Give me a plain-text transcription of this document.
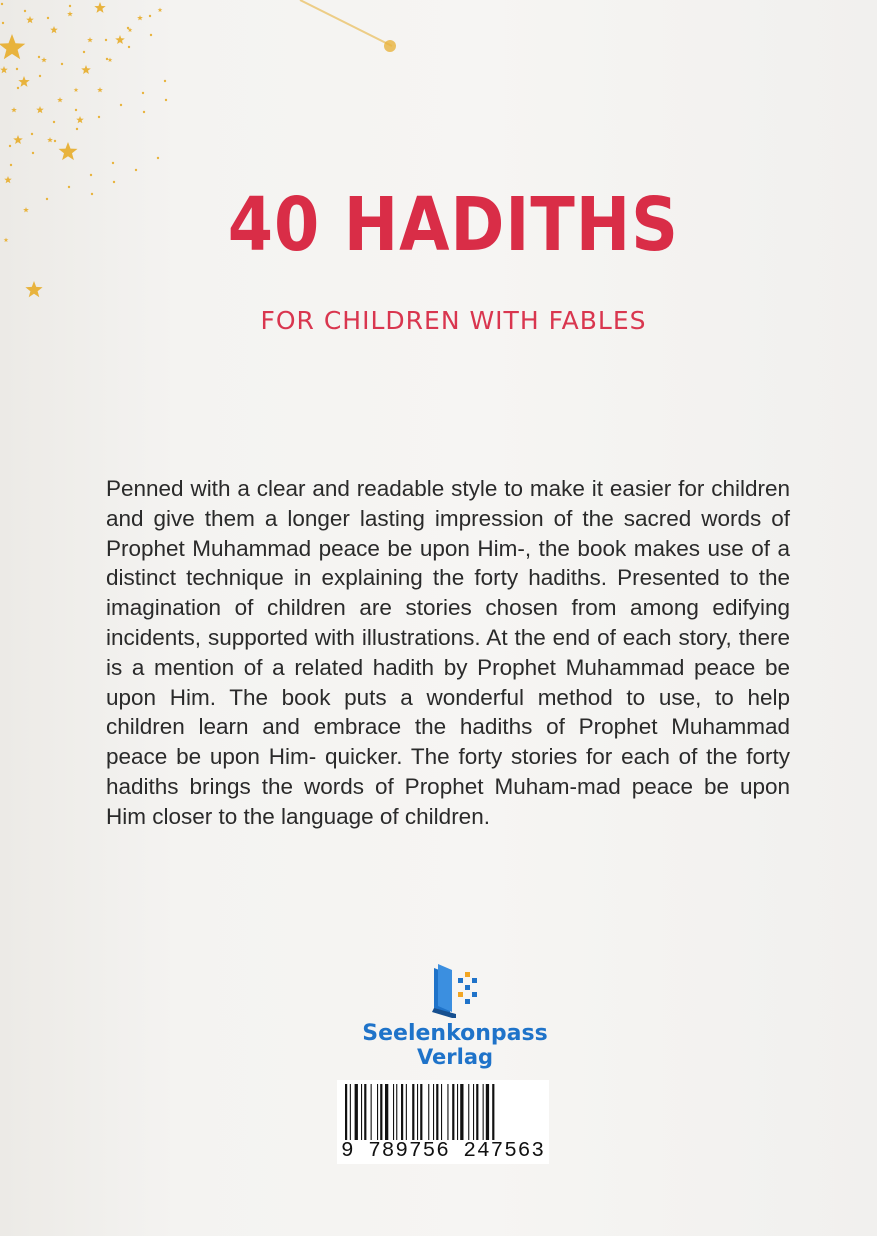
40 HADITHS
FOR CHILDREN WITH FABLES

Penned with a clear and readable style to make it easier for children and give them a longer lasting impression of the sacred words of Prophet Muhammad peace be upon Him-, the book makes use of a distinct technique in explaining the forty hadiths. Presented to the imagination of children are stories chosen from among edifying incidents, supported with illustrations. At the end of each story, there is a mention of a related hadith by Prophet Muhammad peace be upon Him. The book puts a wonderful method to use, to help children learn and embrace the hadiths of Prophet Muhammad peace be upon Him- quicker. The forty stories for each of the forty hadiths brings the words of Prophet Muham-mad peace be upon Him closer to the language of children.

Seelenkonpass
Verlag
9 789756 247563
